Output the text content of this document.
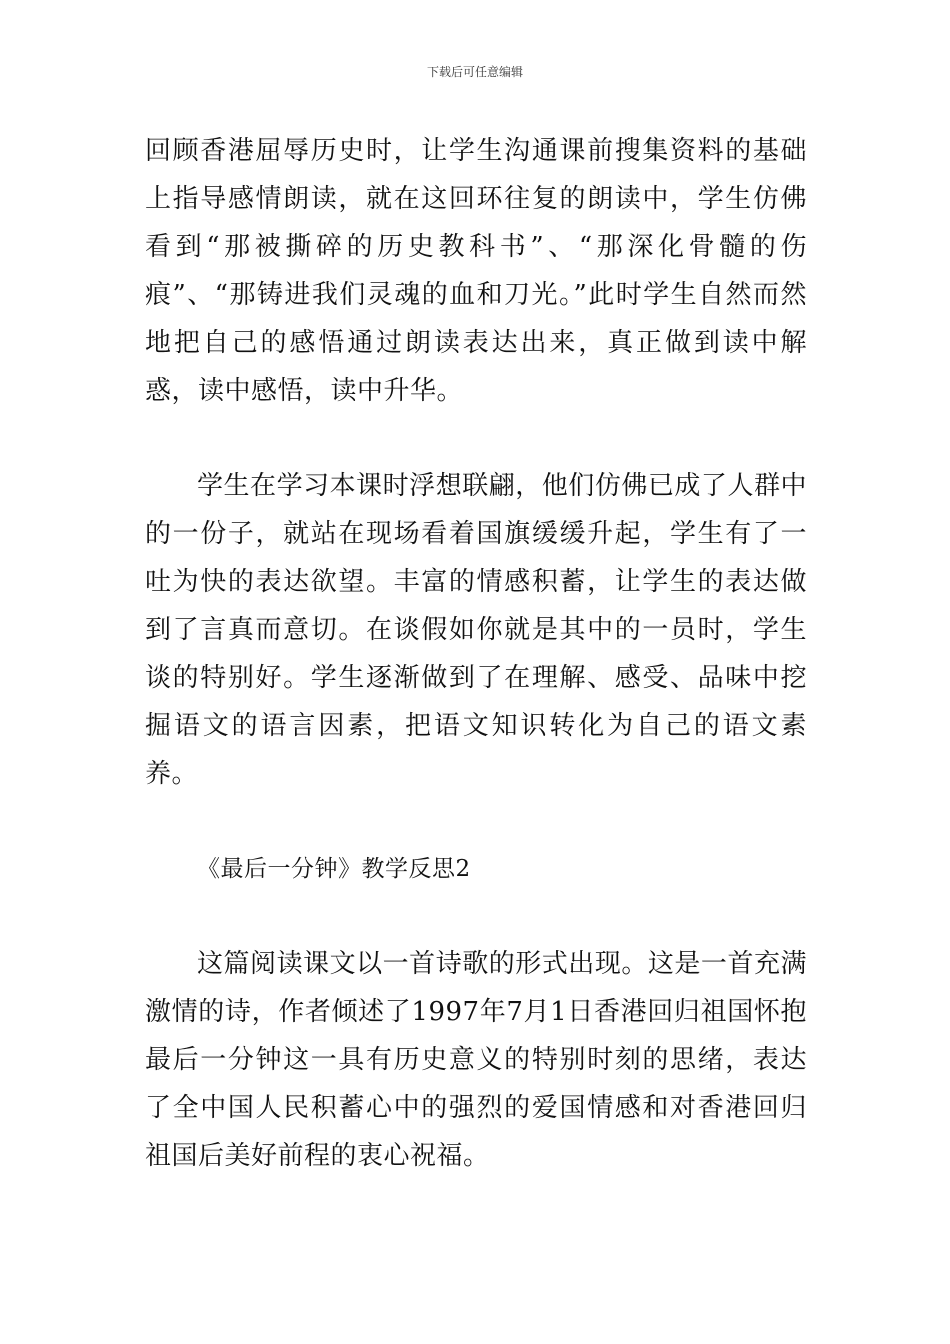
下载后可任意编辑

回顾香港屈辱历史时，让学生沟通课前搜集资料的基础上指导感情朗读，就在这回环往复的朗读中，学生仿佛看到“那被撕碎的历史教科书”、“那深化骨髓的伤痕”、“那铸进我们灵魂的血和刀光。”此时学生自然而然地把自己的感悟通过朗读表达出来，真正做到读中解惑，读中感悟，读中升华。

学生在学习本课时浮想联翩，他们仿佛已成了人群中的一份子，就站在现场看着国旗缓缓升起，学生有了一吐为快的表达欲望。丰富的情感积蓄，让学生的表达做到了言真而意切。在谈假如你就是其中的一员时，学生谈的特别好。学生逐渐做到了在理解、感受、品味中挖掘语文的语言因素，把语文知识转化为自己的语文素养。

《最后一分钟》教学反思2

这篇阅读课文以一首诗歌的形式出现。这是一首充满激情的诗，作者倾述了1997年7月1日香港回归祖国怀抱最后一分钟这一具有历史意义的特别时刻的思绪，表达了全中国人民积蓄心中的强烈的爱国情感和对香港回归祖国后美好前程的衷心祝福。
